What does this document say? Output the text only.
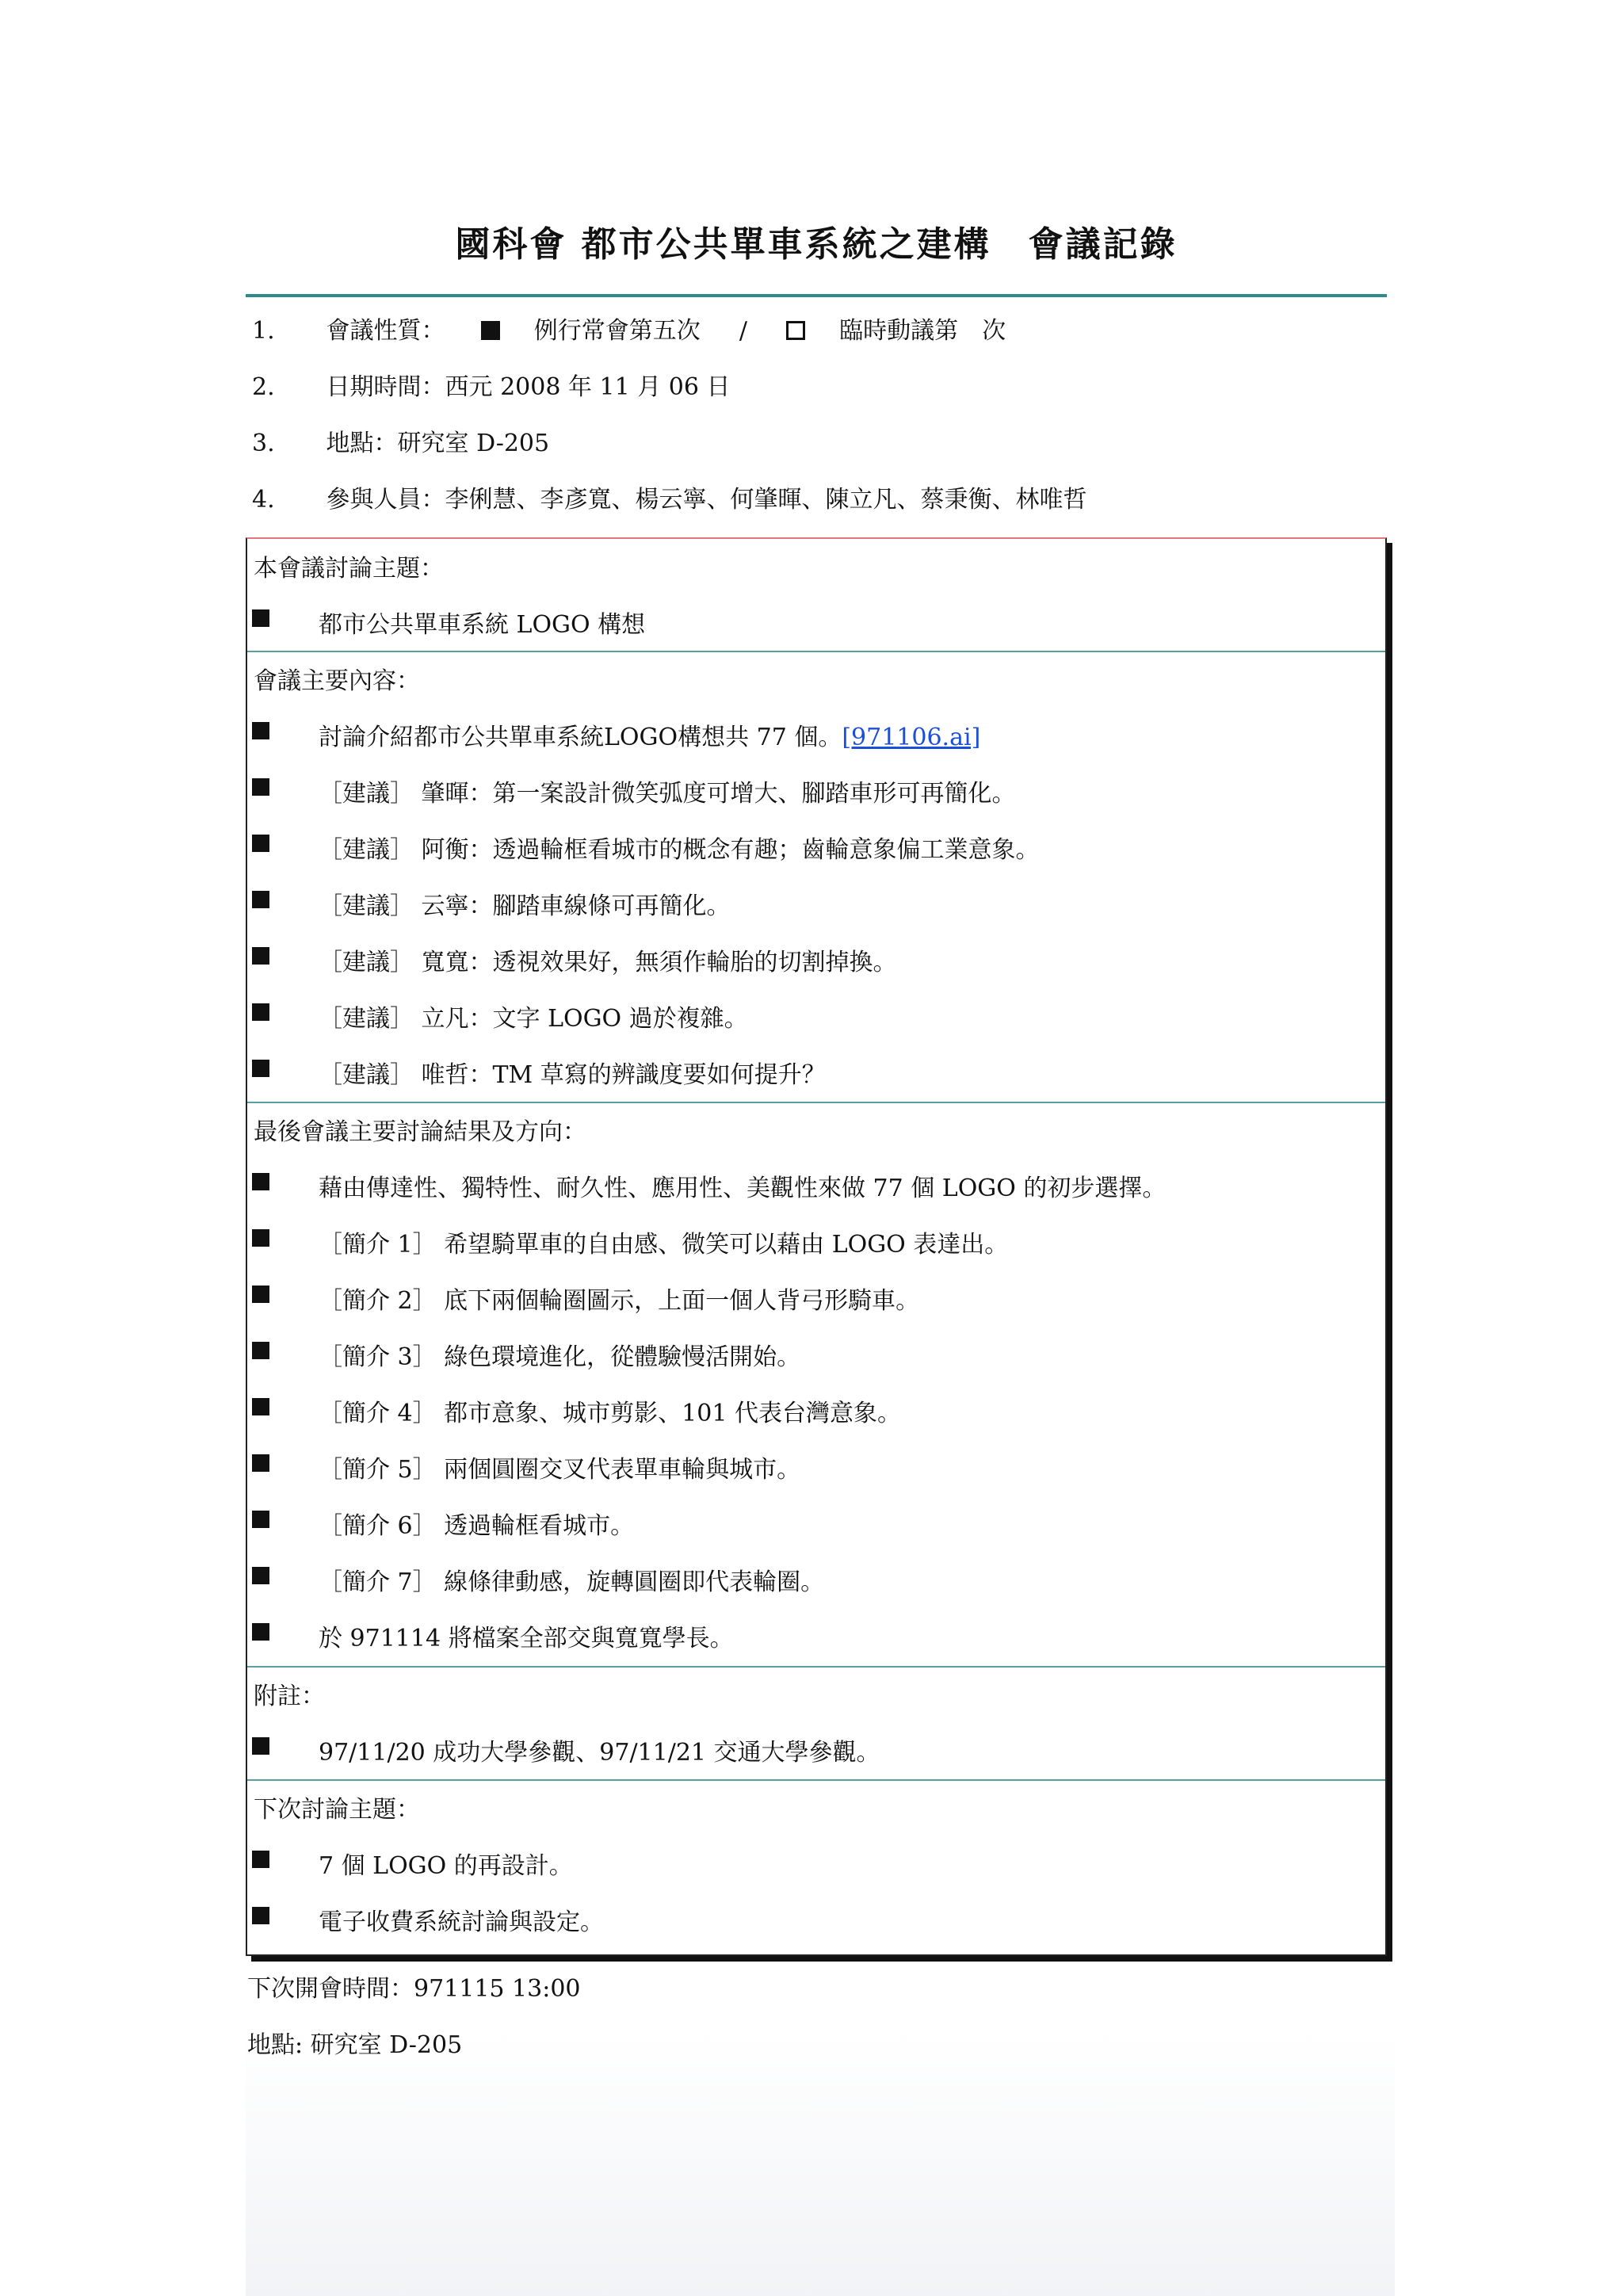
國科會 都市公共單車系統之建構　會議記錄
1. 會議性質：	例行常會第五次 /	臨時動議第　次
2. 日期時間：西元 2008 年 11 月 06 日
3. 地點：研究室 D-205
4. 參與人員：李俐慧、李彥寬、楊云寧、何肇暉、陳立凡、蔡秉衡、林唯哲
本會議討論主題：
都市公共單車系統 LOGO 構想
會議主要內容：
討論介紹都市公共單車系統LOGO構想共 77 個。[971106.ai]
［建議］ 肇暉：第一案設計微笑弧度可增大、腳踏車形可再簡化。
［建議］ 阿衡：透過輪框看城市的概念有趣；齒輪意象偏工業意象。
［建議］ 云寧：腳踏車線條可再簡化。
［建議］ 寬寬：透視效果好，無須作輪胎的切割掉換。
［建議］ 立凡：文字 LOGO 過於複雜。
［建議］ 唯哲：TM 草寫的辨識度要如何提升？
最後會議主要討論結果及方向：
藉由傳達性、獨特性、耐久性、應用性、美觀性來做 77 個 LOGO 的初步選擇。
［簡介 1］ 希望騎單車的自由感、微笑可以藉由 LOGO 表達出。
［簡介 2］ 底下兩個輪圈圖示，上面一個人背弓形騎車。
［簡介 3］ 綠色環境進化，從體驗慢活開始。
［簡介 4］ 都市意象、城市剪影、101 代表台灣意象。
［簡介 5］ 兩個圓圈交叉代表單車輪與城市。
［簡介 6］ 透過輪框看城市。
［簡介 7］ 線條律動感，旋轉圓圈即代表輪圈。
於 971114 將檔案全部交與寬寬學長。
附註：
97/11/20 成功大學參觀、97/11/21 交通大學參觀。
下次討論主題：
7 個 LOGO 的再設計。
電子收費系統討論與設定。
下次開會時間：971115 13:00
地點: 研究室 D-205
